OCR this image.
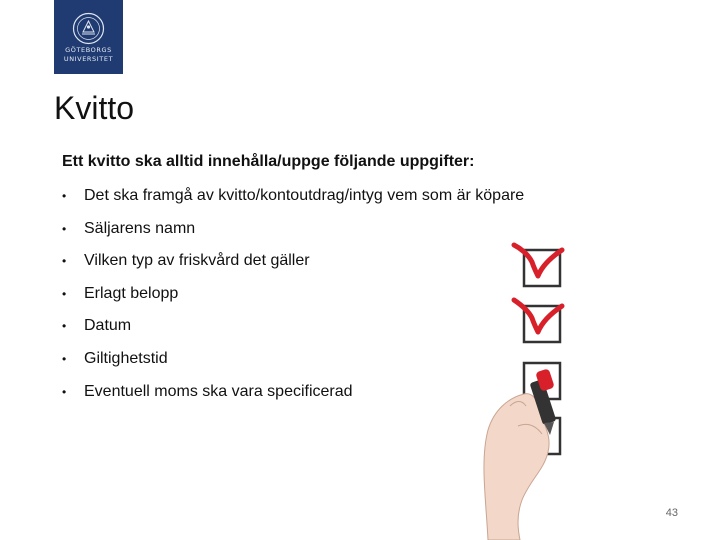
GÖTEBORGS
UNIVERSITET
Kvitto
Ett kvitto ska alltid innehålla/uppge följande uppgifter:
•	Det ska framgå av kvitto/kontoutdrag/intyg vem som är köpare
•	Säljarens namn
•	Vilken typ av friskvård det gäller
•	Erlagt belopp
•	Datum
•	Giltighetstid
•	Eventuell moms ska vara specificerad
43
